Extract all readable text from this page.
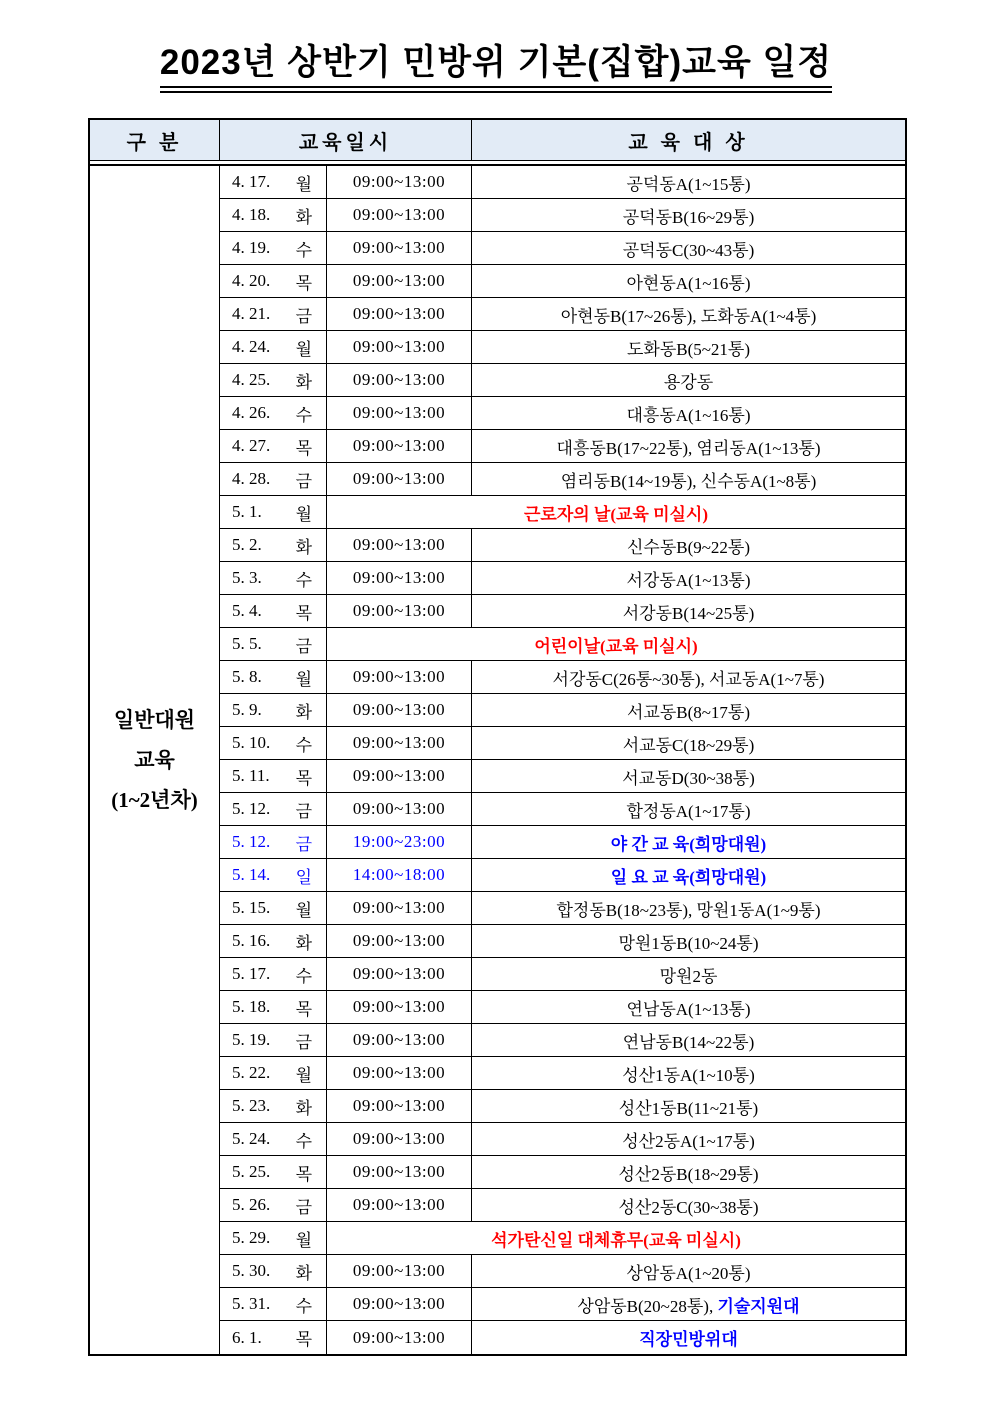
2023년 상반기 민방위 기본(집합)교육 일정
구 분	교육일시	교 육 대 상
일반대원
교육
(1~2년차)
4. 17. 월	09:00~13:00	공덕동A(1~15통)
4. 18. 화	09:00~13:00	공덕동B(16~29통)
4. 19. 수	09:00~13:00	공덕동C(30~43통)
4. 20. 목	09:00~13:00	아현동A(1~16통)
4. 21. 금	09:00~13:00	아현동B(17~26통), 도화동A(1~4통)
4. 24. 월	09:00~13:00	도화동B(5~21통)
4. 25. 화	09:00~13:00	용강동
4. 26. 수	09:00~13:00	대흥동A(1~16통)
4. 27. 목	09:00~13:00	대흥동B(17~22통), 염리동A(1~13통)
4. 28. 금	09:00~13:00	염리동B(14~19통), 신수동A(1~8통)
5. 1. 월	근로자의 날(교육 미실시)
5. 2. 화	09:00~13:00	신수동B(9~22통)
5. 3. 수	09:00~13:00	서강동A(1~13통)
5. 4. 목	09:00~13:00	서강동B(14~25통)
5. 5. 금	어린이날(교육 미실시)
5. 8. 월	09:00~13:00	서강동C(26통~30통), 서교동A(1~7통)
5. 9. 화	09:00~13:00	서교동B(8~17통)
5. 10. 수	09:00~13:00	서교동C(18~29통)
5. 11. 목	09:00~13:00	서교동D(30~38통)
5. 12. 금	09:00~13:00	합정동A(1~17통)
5. 12. 금	19:00~23:00	야 간 교 육(희망대원)
5. 14. 일	14:00~18:00	일 요 교 육(희망대원)
5. 15. 월	09:00~13:00	합정동B(18~23통), 망원1동A(1~9통)
5. 16. 화	09:00~13:00	망원1동B(10~24통)
5. 17. 수	09:00~13:00	망원2동
5. 18. 목	09:00~13:00	연남동A(1~13통)
5. 19. 금	09:00~13:00	연남동B(14~22통)
5. 22. 월	09:00~13:00	성산1동A(1~10통)
5. 23. 화	09:00~13:00	성산1동B(11~21통)
5. 24. 수	09:00~13:00	성산2동A(1~17통)
5. 25. 목	09:00~13:00	성산2동B(18~29통)
5. 26. 금	09:00~13:00	성산2동C(30~38통)
5. 29. 월	석가탄신일 대체휴무(교육 미실시)
5. 30. 화	09:00~13:00	상암동A(1~20통)
5. 31. 수	09:00~13:00	상암동B(20~28통), 기술지원대
6. 1. 목	09:00~13:00	직장민방위대
